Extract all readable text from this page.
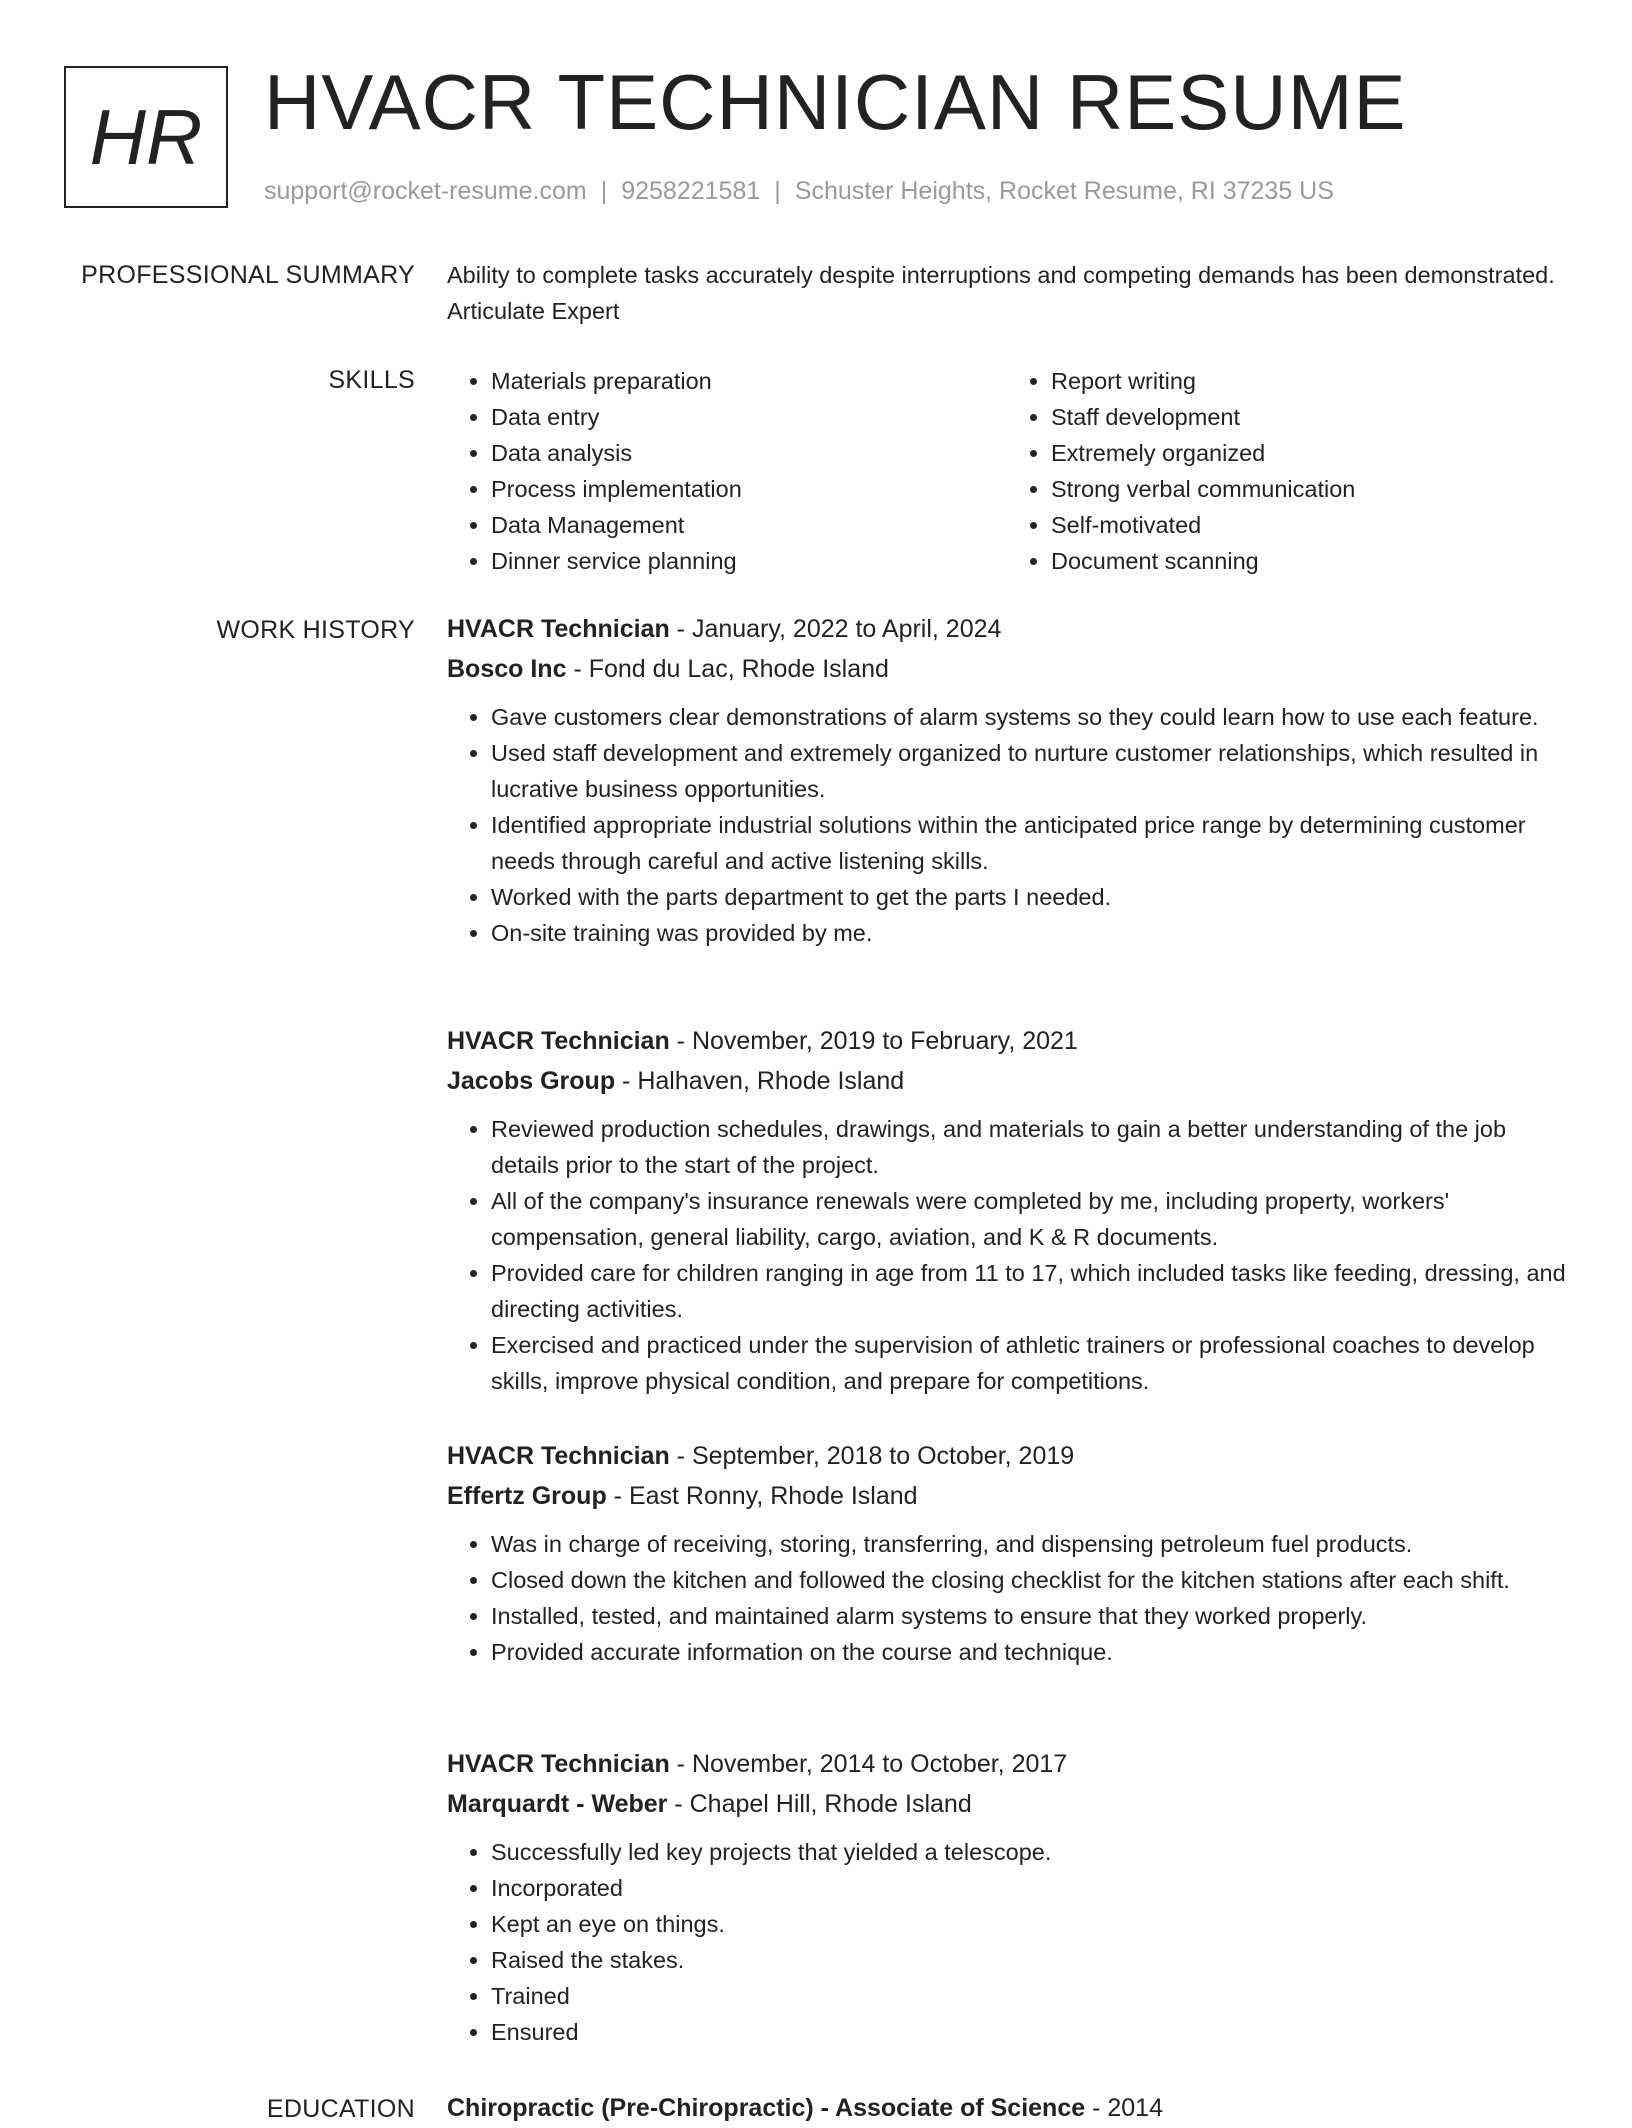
HR HVACR TECHNICIAN RESUME
support@rocket-resume.com | 9258221581 | Schuster Heights, Rocket Resume, RI 37235 US
PROFESSIONAL SUMMARY Ability to complete tasks accurately despite interruptions and competing demands has been demonstrated. Articulate Expert
SKILLS
•	Materials preparation
• Data entry
• Data analysis
• Process implementation
• Data Management
• Dinner service planning
• Report writing
• Staff development
• Extremely organized
• Strong verbal communication
• Self-motivated
• Document scanning
WORK HISTORY HVACR Technician - January, 2022 to April, 2024
Bosco Inc - Fond du Lac, Rhode Island
• Gave customers clear demonstrations of alarm systems so they could learn how to use each feature.
• Used staff development and extremely organized to nurture customer relationships, which resulted in lucrative business opportunities.
• Identified appropriate industrial solutions within the anticipated price range by determining customer needs through careful and active listening skills.
• Worked with the parts department to get the parts I needed.
• On-site training was provided by me.
HVACR Technician - November, 2019 to February, 2021
Jacobs Group - Halhaven, Rhode Island
• Reviewed production schedules, drawings, and materials to gain a better understanding of the job details prior to the start of the project.
• All of the company's insurance renewals were completed by me, including property, workers' compensation, general liability, cargo, aviation, and K & R documents.
• Provided care for children ranging in age from 11 to 17, which included tasks like feeding, dressing, and directing activities.
• Exercised and practiced under the supervision of athletic trainers or professional coaches to develop skills, improve physical condition, and prepare for competitions.
HVACR Technician - September, 2018 to October, 2019
Effertz Group - East Ronny, Rhode Island
• Was in charge of receiving, storing, transferring, and dispensing petroleum fuel products.
• Closed down the kitchen and followed the closing checklist for the kitchen stations after each shift.
• Installed, tested, and maintained alarm systems to ensure that they worked properly.
• Provided accurate information on the course and technique.
HVACR Technician - November, 2014 to October, 2017
Marquardt - Weber - Chapel Hill, Rhode Island
• Successfully led key projects that yielded a telescope.
• Incorporated
• Kept an eye on things.
• Raised the stakes.
• Trained
• Ensured
EDUCATION Chiropractic (Pre-Chiropractic) - Associate of Science - 2014
